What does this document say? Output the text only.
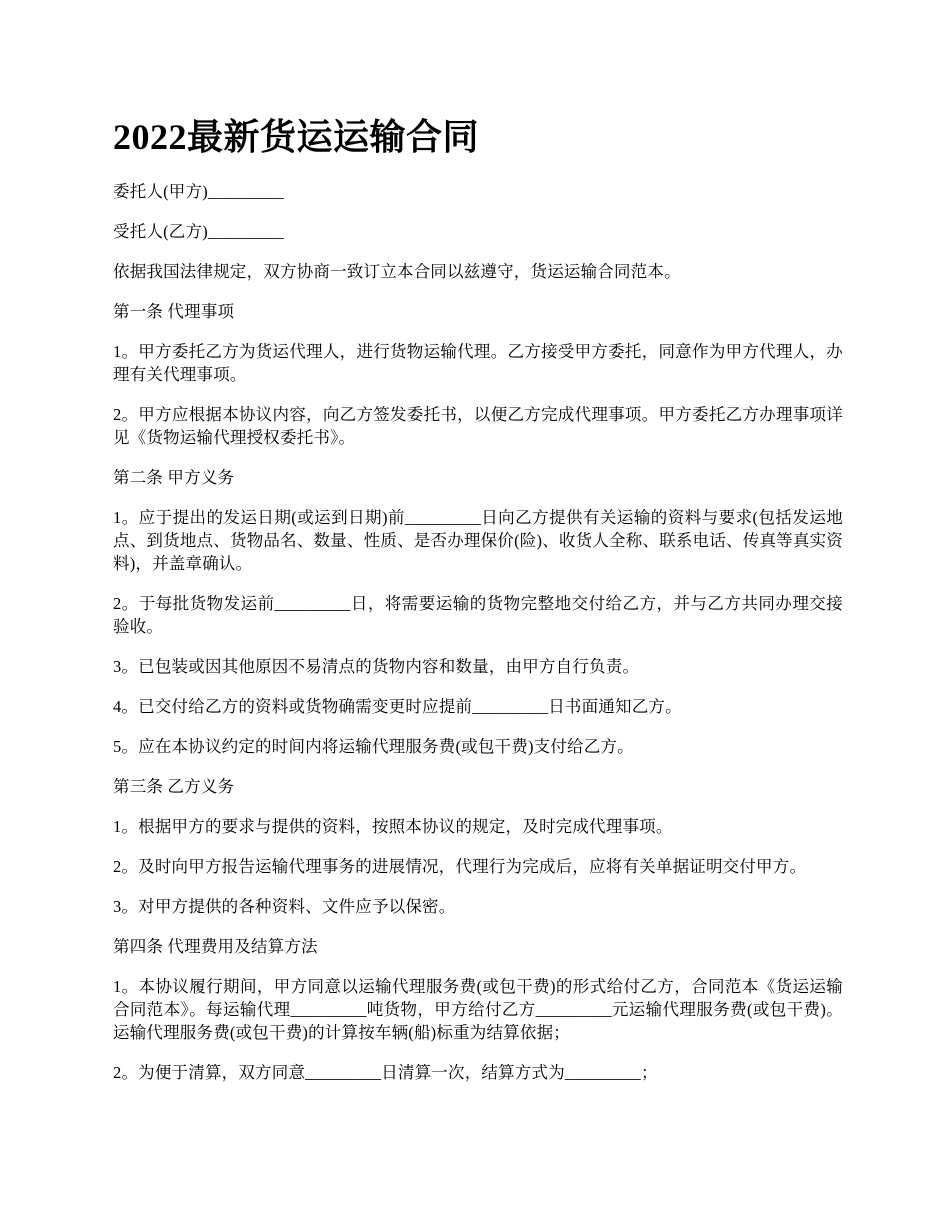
2022最新货运运输合同

委托人(甲方)_________

受托人(乙方)_________

依据我国法律规定，双方协商一致订立本合同以兹遵守，货运运输合同范本。

第一条 代理事项

1。甲方委托乙方为货运代理人，进行货物运输代理。乙方接受甲方委托，同意作为甲方代理人，办理有关代理事项。

2。甲方应根据本协议内容，向乙方签发委托书，以便乙方完成代理事项。甲方委托乙方办理事项详见《货物运输代理授权委托书》。

第二条 甲方义务

1。应于提出的发运日期(或运到日期)前_________日向乙方提供有关运输的资料与要求(包括发运地点、到货地点、货物品名、数量、性质、是否办理保价(险)、收货人全称、联系电话、传真等真实资料)，并盖章确认。

2。于每批货物发运前_________日，将需要运输的货物完整地交付给乙方，并与乙方共同办理交接验收。

3。已包装或因其他原因不易清点的货物内容和数量，由甲方自行负责。

4。已交付给乙方的资料或货物确需变更时应提前_________日书面通知乙方。

5。应在本协议约定的时间内将运输代理服务费(或包干费)支付给乙方。

第三条 乙方义务

1。根据甲方的要求与提供的资料，按照本协议的规定，及时完成代理事项。

2。及时向甲方报告运输代理事务的进展情况，代理行为完成后，应将有关单据证明交付甲方。

3。对甲方提供的各种资料、文件应予以保密。

第四条 代理费用及结算方法

1。本协议履行期间，甲方同意以运输代理服务费(或包干费)的形式给付乙方，合同范本《货运运输合同范本》。每运输代理_________吨货物，甲方给付乙方_________元运输代理服务费(或包干费)。运输代理服务费(或包干费)的计算按车辆(船)标重为结算依据；

2。为便于清算，双方同意_________日清算一次，结算方式为_________；
